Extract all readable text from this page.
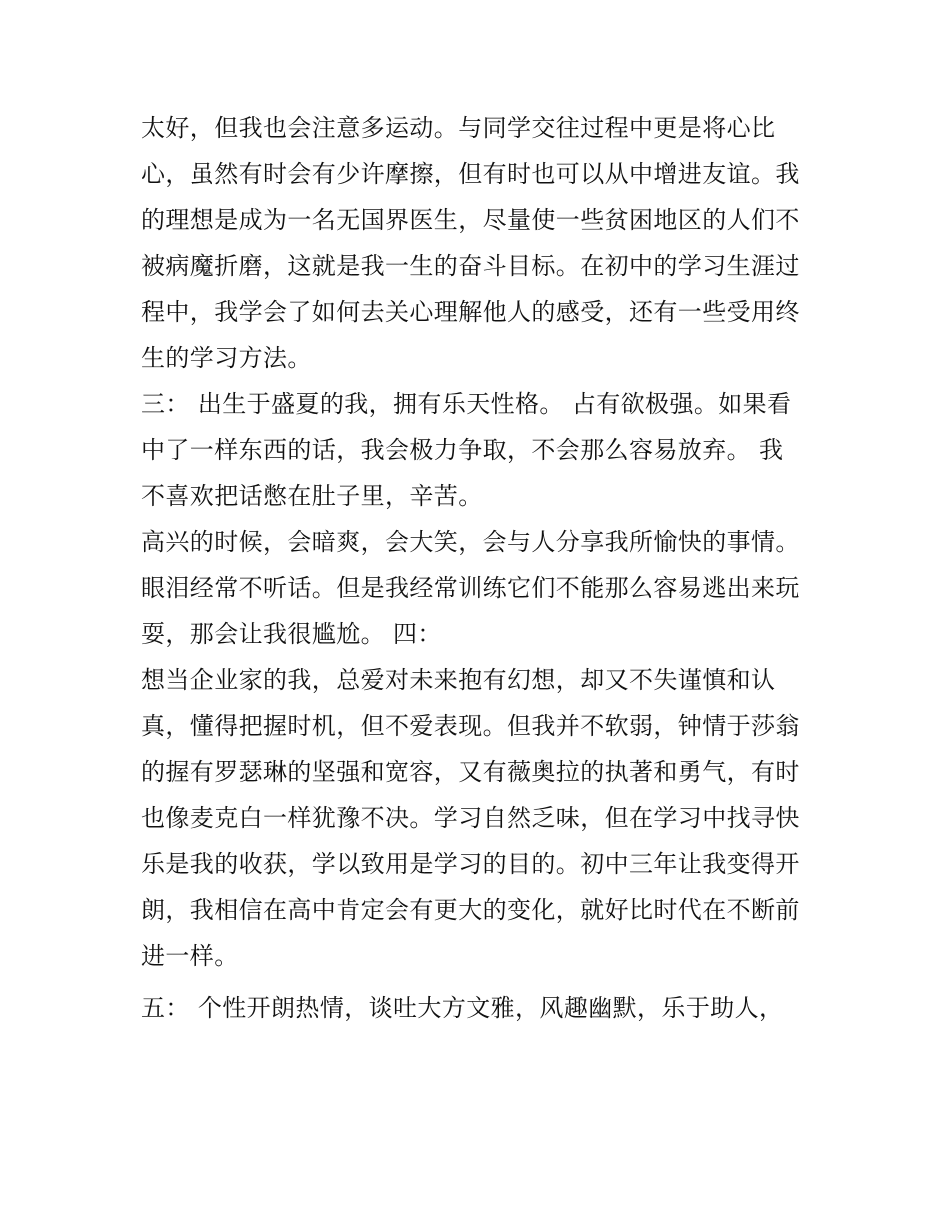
太好，但我也会注意多运动。与同学交往过程中更是将心比
心，虽然有时会有少许摩擦，但有时也可以从中增进友谊。我
的理想是成为一名无国界医生，尽量使一些贫困地区的人们不
被病魔折磨，这就是我一生的奋斗目标。在初中的学习生涯过
程中，我学会了如何去关心理解他人的感受，还有一些受用终
生的学习方法。
三： 出生于盛夏的我，拥有乐天性格。 占有欲极强。如果看
中了一样东西的话，我会极力争取，不会那么容易放弃。 我
不喜欢把话憋在肚子里，辛苦。
高兴的时候，会暗爽，会大笑，会与人分享我所愉快的事情。
眼泪经常不听话。但是我经常训练它们不能那么容易逃出来玩
耍，那会让我很尴尬。 四：
想当企业家的我，总爱对未来抱有幻想，却又不失谨慎和认
真，懂得把握时机，但不爱表现。但我并不软弱，钟情于莎翁
的握有罗瑟琳的坚强和宽容，又有薇奥拉的执著和勇气，有时
也像麦克白一样犹豫不决。学习自然乏味，但在学习中找寻快
乐是我的收获，学以致用是学习的目的。初中三年让我变得开
朗，我相信在高中肯定会有更大的变化，就好比时代在不断前
进一样。
五： 个性开朗热情，谈吐大方文雅，风趣幽默，乐于助人，
